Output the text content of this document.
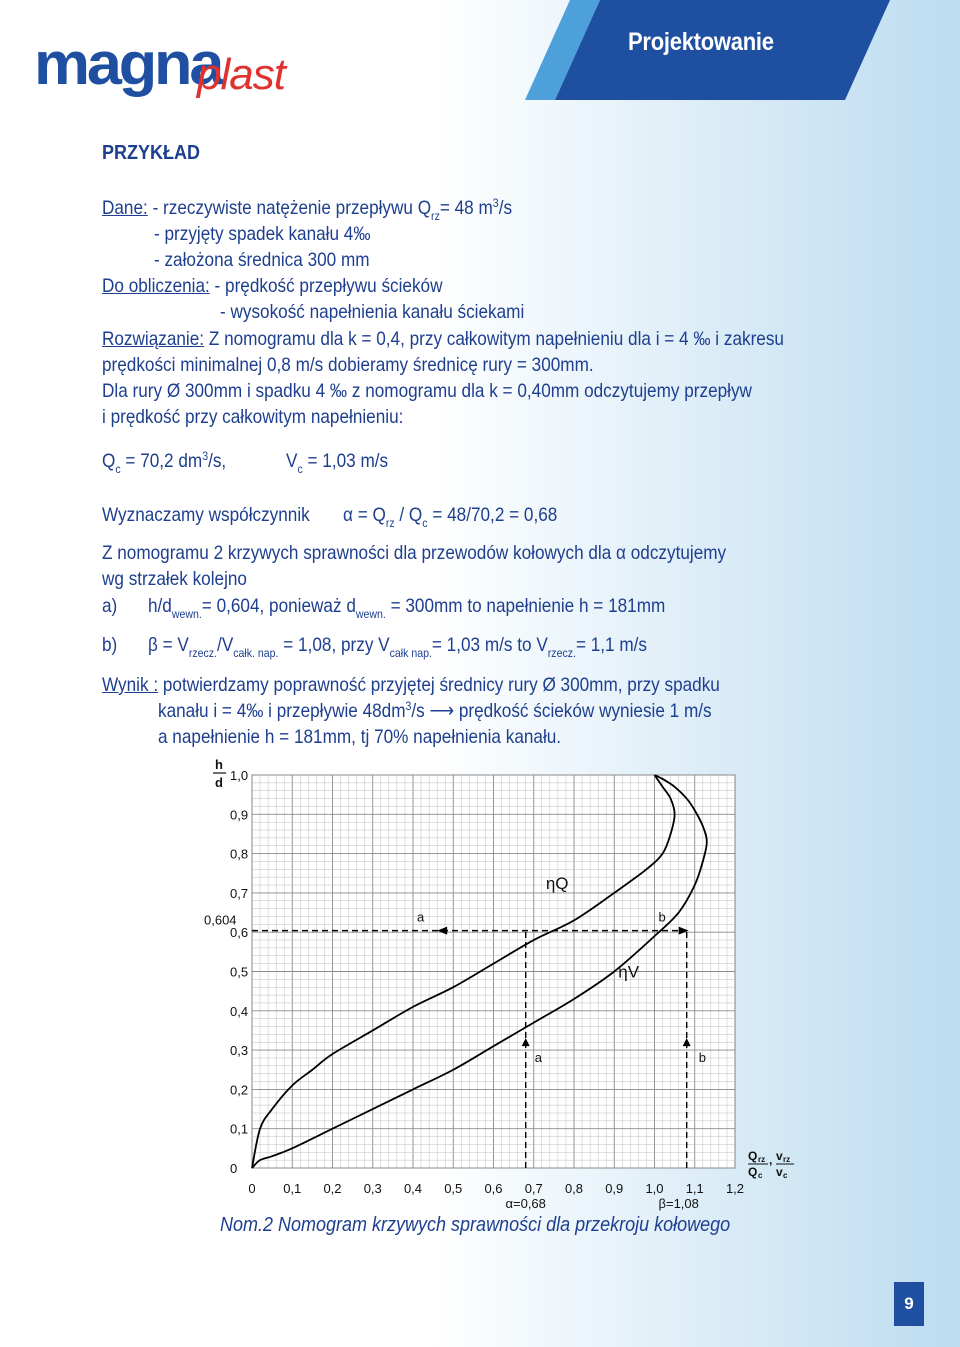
Projektowanie
magna
plast
PRZYKŁAD
Dane: - rzeczywiste natężenie przepływu $Q_{rz}= 48$ $m^3/s$
- przyjęty spadek kanału 4‰
- założona średnica 300 mm
Do obliczenia: - prędkość przepływu ścieków
- wysokość napełnienia kanału ściekami
Rozwiązanie: Z nomogramu dla k = 0,4, przy całkowitym napełnieniu dla i = 4 ‰ i zakresu
prędkości minimalnej 0,8 m/s dobieramy średnicę rury = 300mm.
Dla rury Ø 300mm i spadku 4 ‰ z nomogramu dla k = 0,40mm odczytujemy przepływ
i prędkość przy całkowitym napełnieniu:
$Q_c = 70,2$ $dm^3/s$,	$V_c = 1,03$ m/s
Wyznaczamy współczynnik $\alpha = Q_{rz} / Q_c = 48/70,2 = 0,68$
Z nomogramu 2 krzywych sprawności dla przewodów kołowych dla α odczytujemy
wg strzałek kolejno
a) $h/d_{wewn.}= 0,604$, ponieważ $d_{wewn.} = 300mm$ to napełnienie h = 181mm
b) $\beta = V_{rzecz.}/V_{całk. nap.} = 1,08$, przy $V_{całk nap.}= 1,03$ m/s to $V_{rzecz.}= 1,1$ m/s
Wynik : potwierdzamy poprawność przyjętej średnicy rury Ø 300mm, przy spadku
kanału i = 4‰ i przepływie $48dm^3/s$ ⟶ prędkość ścieków wyniesie 1 m/s
a napełnienie h = 181mm, tj 70% napełnienia kanału.
ηQ
ηV
a	b
a	b
0
0,1
0,2
0,3
0,4
0,5
0,6
0,7
0,8
0,9
1,0
0,604
0 0,1 0,2 0,3 0,4 0,5 0,6 0,7 0,8 0,9 1,0 1,1 1,2
α=0,68	β=1,08
h
d
Q rz
Q c
, v rz
v c
Nom.2 Nomogram krzywych sprawności dla przekroju kołowego
9
